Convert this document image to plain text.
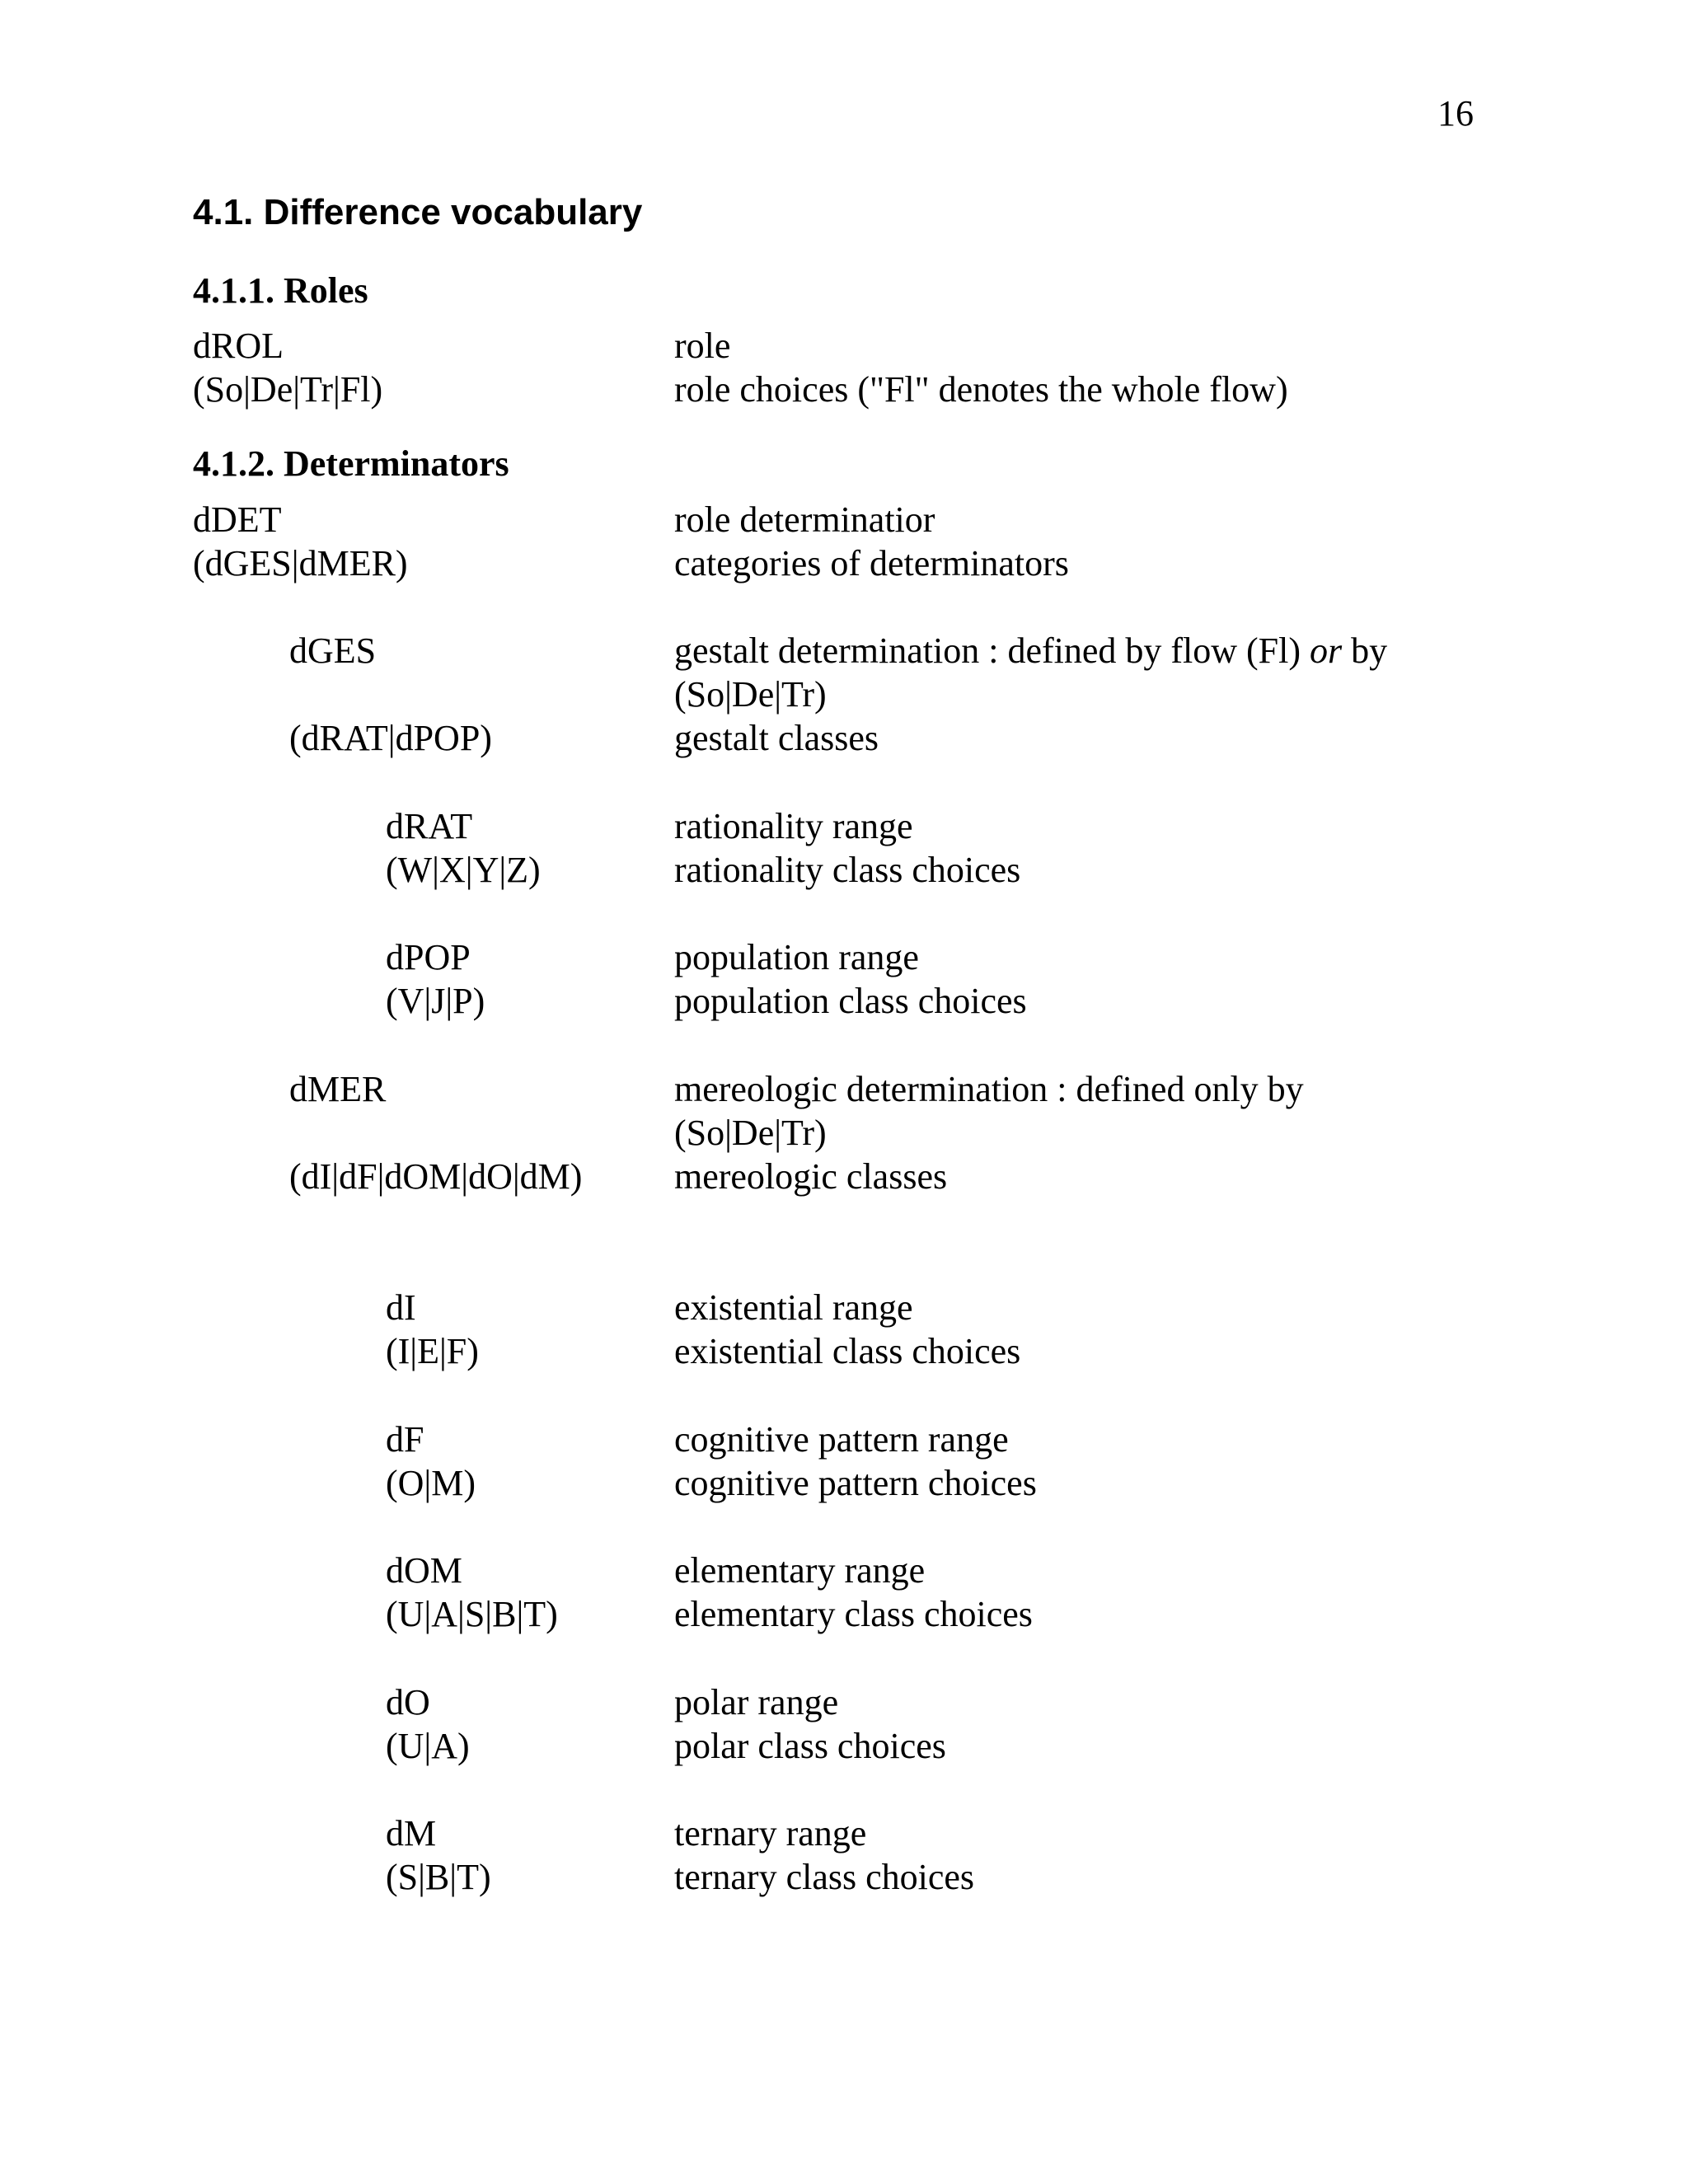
16
4.1. Difference vocabulary
4.1.1. Roles
dROL	role
(So|De|Tr|Fl)	role choices ("Fl" denotes the whole flow)
4.1.2. Determinators
dDET	role determinatior
(dGES|dMER)	categories of determinators
dGES	gestalt determination : defined by flow (Fl) or by
(So|De|Tr)
(dRAT|dPOP)	gestalt classes
dRAT	rationality range
(W|X|Y|Z)	rationality class choices
dPOP	population range
(V|J|P)	population class choices
dMER	mereologic determination : defined only by
(So|De|Tr)
(dI|dF|dOM|dO|dM)	mereologic classes
dI	existential range
(I|E|F)	existential class choices
dF	cognitive pattern range
(O|M)	cognitive pattern choices
dOM	elementary range
(U|A|S|B|T)	elementary class choices
dO	polar range
(U|A)	polar class choices
dM	ternary range
(S|B|T)	ternary class choices
